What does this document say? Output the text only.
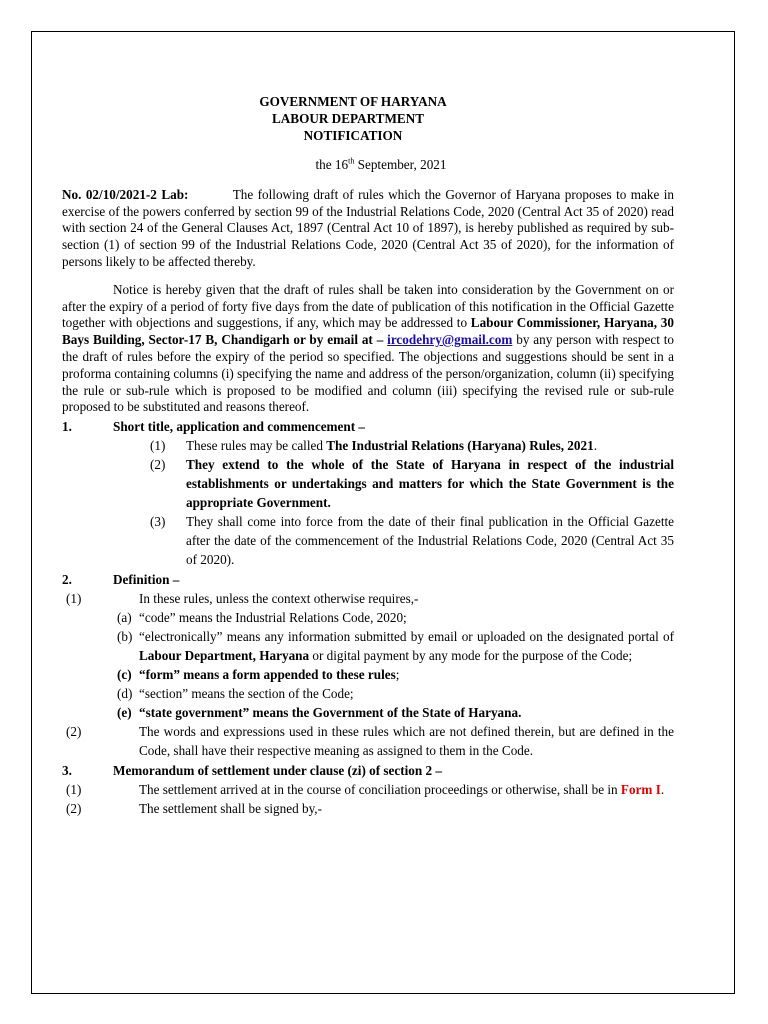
GOVERNMENT OF HARYANA
LABOUR DEPARTMENT
NOTIFICATION
the 16th September, 2021
No. 02/10/2021-2 Lab:	The following draft of rules which the Governor of Haryana proposes to make in exercise of the powers conferred by section 99 of the Industrial Relations Code, 2020 (Central Act 35 of 2020) read with section 24 of the General Clauses Act, 1897 (Central Act 10 of 1897), is hereby published as required by sub-section (1) of section 99 of the Industrial Relations Code, 2020 (Central Act 35 of 2020), for the information of persons likely to be affected thereby.
Notice is hereby given that the draft of rules shall be taken into consideration by the Government on or after the expiry of a period of forty five days from the date of publication of this notification in the Official Gazette together with objections and suggestions, if any, which may be addressed to Labour Commissioner, Haryana, 30 Bays Building, Sector-17 B, Chandigarh or by email at – ircodehry@gmail.com by any person with respect to the draft of rules before the expiry of the period so specified. The objections and suggestions should be sent in a proforma containing columns (i) specifying the name and address of the person/organization, column (ii) specifying the rule or sub-rule which is proposed to be modified and column (iii) specifying the revised rule or sub-rule proposed to be substituted and reasons thereof.
1.	Short title, application and commencement –
(1)	These rules may be called The Industrial Relations (Haryana) Rules, 2021.
(2)	They extend to the whole of the State of Haryana in respect of the industrial establishments or undertakings and matters for which the State Government is the appropriate Government.
(3)	They shall come into force from the date of their final publication in the Official Gazette after the date of the commencement of the Industrial Relations Code, 2020 (Central Act 35 of 2020).
2.	Definition –
(1)	In these rules, unless the context otherwise requires,-
(a) “code” means the Industrial Relations Code, 2020;
(b) “electronically” means any information submitted by email or uploaded on the designated portal of Labour Department, Haryana or digital payment by any mode for the purpose of the Code;
(c) “form” means a form appended to these rules;
(d) “section” means the section of the Code;
(e) “state government” means the Government of the State of Haryana.
(2)	The words and expressions used in these rules which are not defined therein, but are defined in the Code, shall have their respective meaning as assigned to them in the Code.
3.	Memorandum of settlement under clause (zi) of section 2 –
(1)	The settlement arrived at in the course of conciliation proceedings or otherwise, shall be in Form I.
(2)	The settlement shall be signed by,-
